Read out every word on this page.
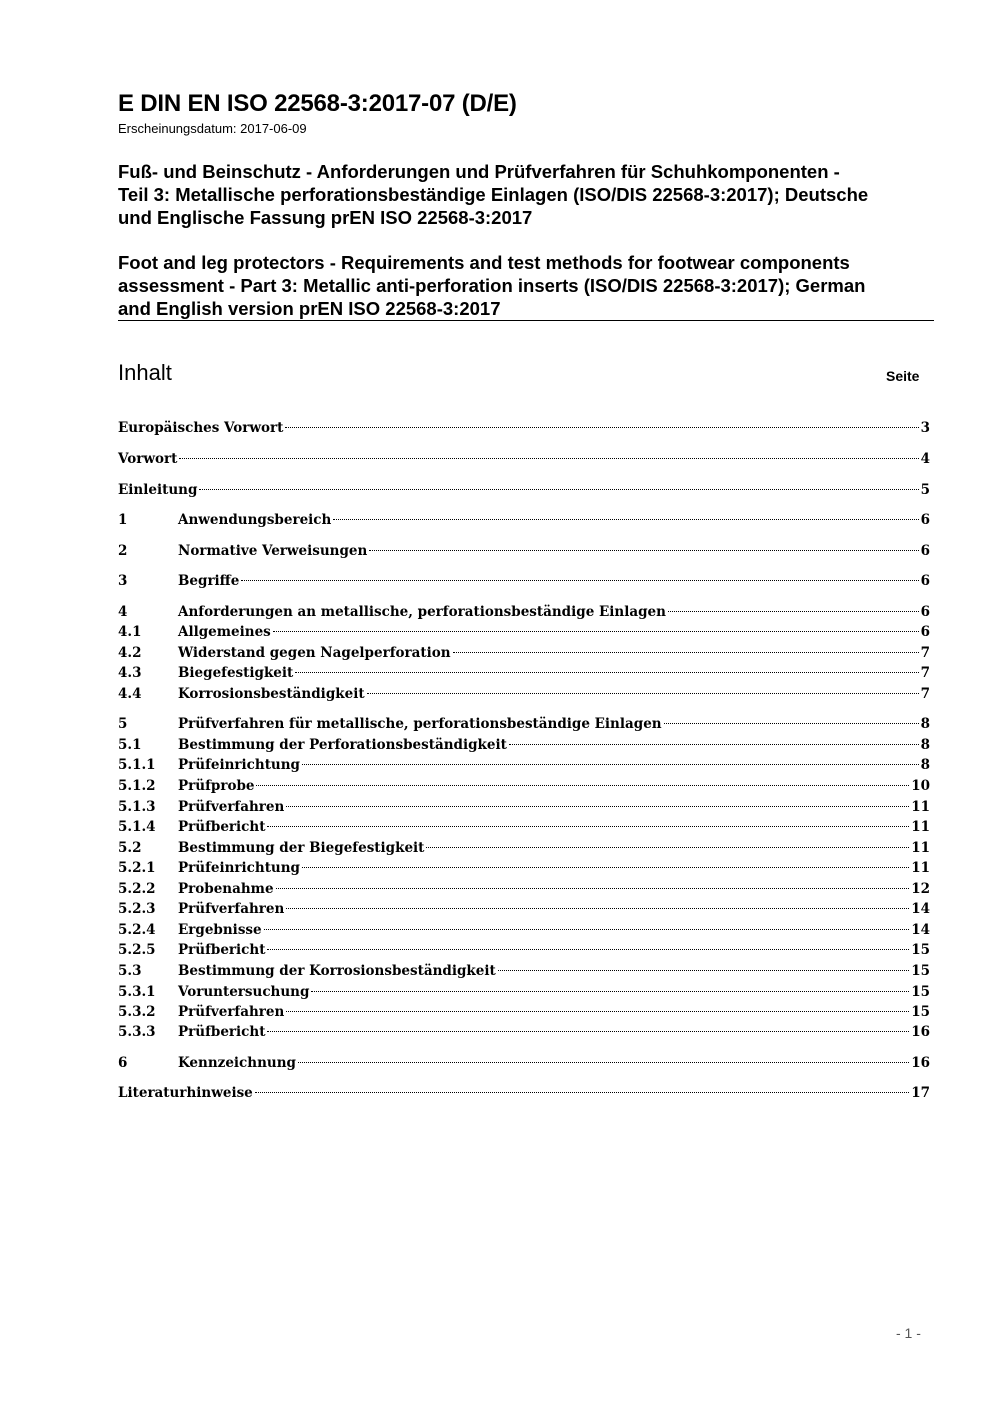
E DIN EN ISO 22568-3:2017-07 (D/E)
Erscheinungsdatum: 2017-06-09
Fuß- und Beinschutz - Anforderungen und Prüfverfahren für Schuhkomponenten -
Teil 3: Metallische perforationsbeständige Einlagen (ISO/DIS 22568-3:2017); Deutsche
und Englische Fassung prEN ISO 22568-3:2017
Foot and leg protectors - Requirements and test methods for footwear components
assessment - Part 3: Metallic anti-perforation inserts (ISO/DIS 22568-3:2017); German
and English version prEN ISO 22568-3:2017
Inhalt	Seite
Europäisches Vorwort	3
Vorwort	4
Einleitung	5
1	Anwendungsbereich	6
2	Normative Verweisungen	6
3	Begriffe	6
4	Anforderungen an metallische, perforationsbeständige Einlagen	6
4.1	Allgemeines	6
4.2	Widerstand gegen Nagelperforation	7
4.3	Biegefestigkeit	7
4.4	Korrosionsbeständigkeit	7
5	Prüfverfahren für metallische, perforationsbeständige Einlagen	8
5.1	Bestimmung der Perforationsbeständigkeit	8
5.1.1	Prüfeinrichtung	8
5.1.2	Prüfprobe	10
5.1.3	Prüfverfahren	11
5.1.4	Prüfbericht	11
5.2	Bestimmung der Biegefestigkeit	11
5.2.1	Prüfeinrichtung	11
5.2.2	Probenahme	12
5.2.3	Prüfverfahren	14
5.2.4	Ergebnisse	14
5.2.5	Prüfbericht	15
5.3	Bestimmung der Korrosionsbeständigkeit	15
5.3.1	Voruntersuchung	15
5.3.2	Prüfverfahren	15
5.3.3	Prüfbericht	16
6	Kennzeichnung	16
Literaturhinweise	17
- 1 -
